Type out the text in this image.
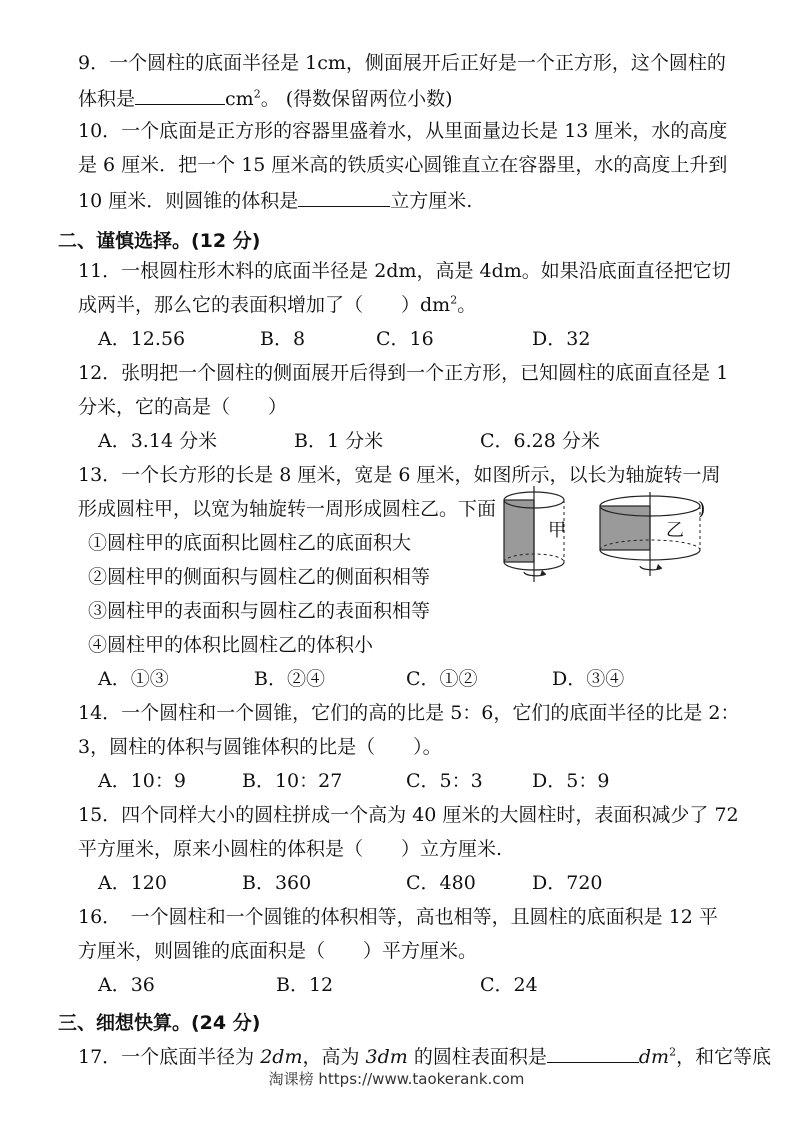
9．一个圆柱的底面半径是 1cm，侧面展开后正好是一个正方形，这个圆柱的
体积是	$cm^2$。 (得数保留两位小数)
10．一个底面是正方形的容器里盛着水，从里面量边长是 13 厘米，水的高度
是 6 厘米．把一个 15 厘米高的铁质实心圆锥直立在容器里，水的高度上升到
10 厘米．则圆锥的体积是	立方厘米.
二、谨慎选择。(12 分)
11．一根圆柱形木料的底面半径是 2dm，高是 4dm。如果沿底面直径把它切
成两半，那么它的表面积增加了（　　）$dm^2$。
A．12.56	B．8	C．16	D．32
12．张明把一个圆柱的侧面展开后得到一个正方形，已知圆柱的底面直径是 1
分米，它的高是（　　）
A．3.14 分米	B．1 分米	C．6.28 分米
13．一个长方形的长是 8 厘米，宽是 6 厘米，如图所示，以长为轴旋转一周
形成圆柱甲，以宽为轴旋转一周形成圆柱乙。下面	)
①圆柱甲的底面积比圆柱乙的底面积大
②圆柱甲的侧面积与圆柱乙的侧面积相等
③圆柱甲的表面积与圆柱乙的表面积相等
④圆柱甲的体积比圆柱乙的体积小
甲	乙
A．①③	B．②④	C．①②	D．③④
14．一个圆柱和一个圆锥，它们的高的比是 5：6，它们的底面半径的比是 2：
3，圆柱的体积与圆锥体积的比是（　　）。
A．10：9	B．10：27	C．5：3	D．5：9
15．四个同样大小的圆柱拼成一个高为 40 厘米的大圆柱时，表面积减少了 72
平方厘米，原来小圆柱的体积是（　　）立方厘米.
A．120	B．360	C．480	D．720
16．　一个圆柱和一个圆锥的体积相等，高也相等，且圆柱的底面积是 12 平
方厘米，则圆锥的底面积是（　　）平方厘米。
A．36	B．12	C．24
三、细想快算。(24 分)
17．一个底面半径为 2dm，高为 3dm 的圆柱表面积是	$dm^2$，和它等底
淘课榜 https://www.taokerank.com
